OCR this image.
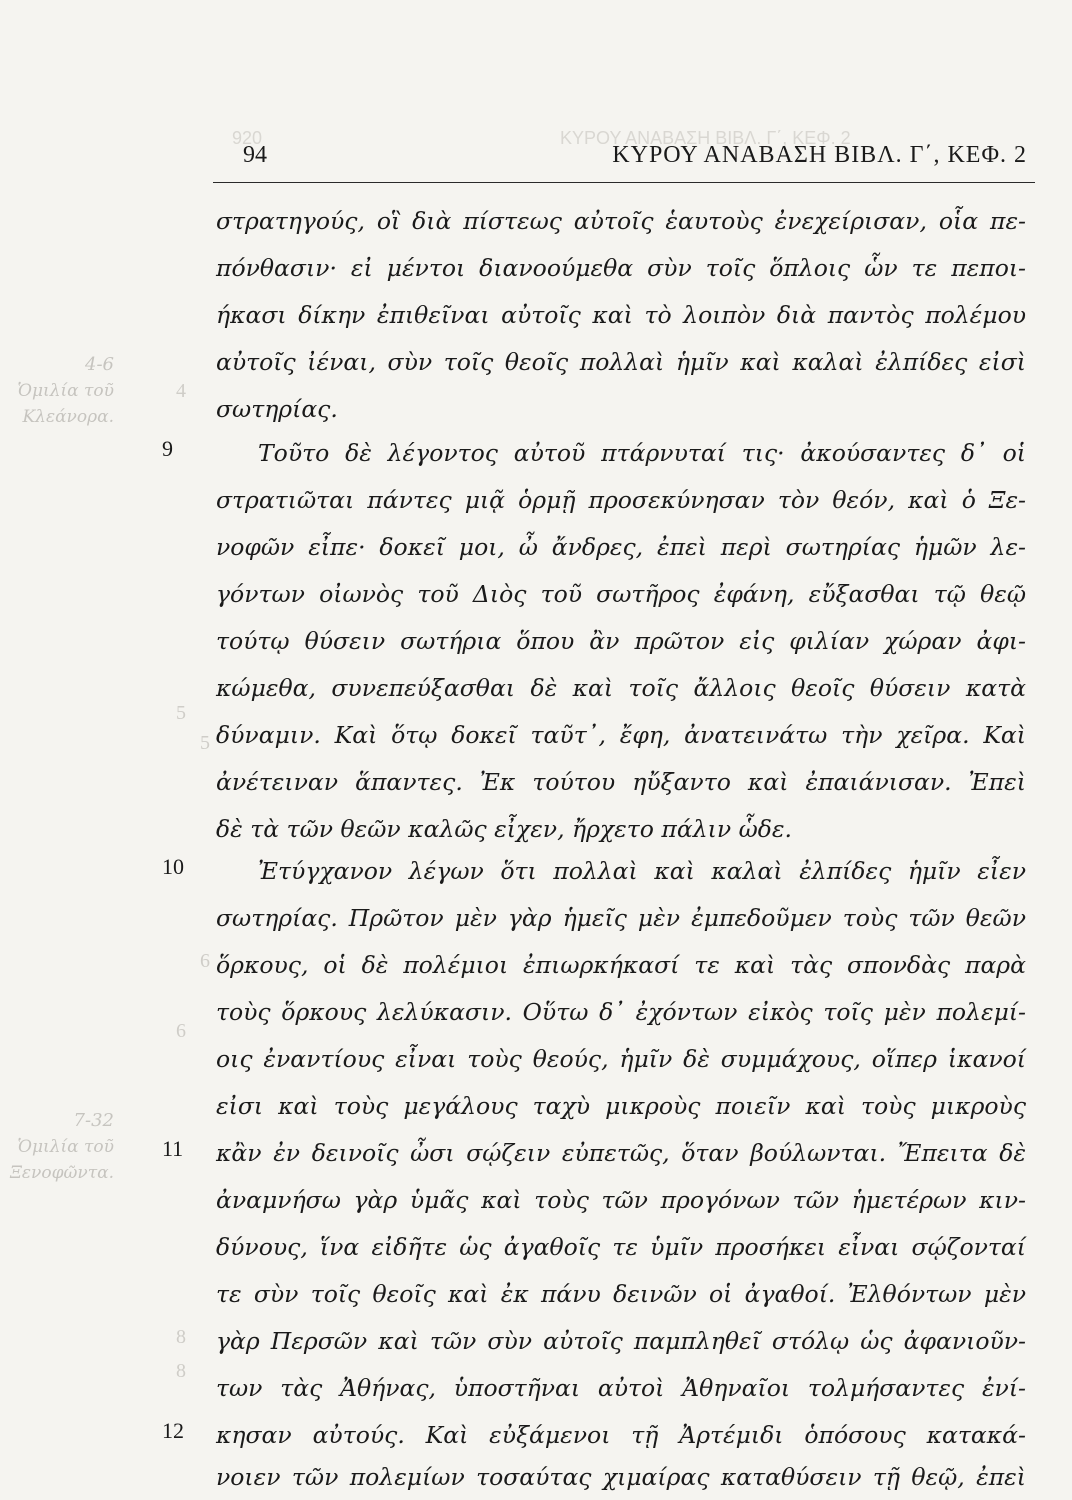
920	ΚΥΡΟΥ ΑΝΑΒΑΣΗ ΒΙΒΛ. Γ΄, ΚΕΦ. 2
4
5
5
6
6
8
8
4-6
Ὁμιλία τοῦ Κλεάνορα.
7-32
Ὁμιλία τοῦ Ξενοφῶντα.
94	ΚΥΡΟΥ ΑΝΑΒΑΣΗ ΒΙΒΛ. Γ΄, ΚΕΦ. 2
9
10
11
12
στρατηγούς, οἳ διὰ πίστεως αὐτοῖς ἑαυτοὺς ἐνεχείρισαν, οἷα πε-
πόνθασιν· εἰ μέντοι διανοούμεθα σὺν τοῖς ὅπλοις ὧν τε πεποι-
ήκασι δίκην ἐπιθεῖναι αὐτοῖς καὶ τὸ λοιπὸν διὰ παντὸς πολέμου
αὐτοῖς ἰέναι, σὺν τοῖς θεοῖς πολλαὶ ἡμῖν καὶ καλαὶ ἐλπίδες εἰσὶ
σωτηρίας.
Τοῦτο δὲ λέγοντος αὐτοῦ πτάρνυταί τις· ἀκούσαντες δ᾽ οἱ
στρατιῶται πάντες μιᾷ ὁρμῇ προσεκύνησαν τὸν θεόν, καὶ ὁ Ξε-
νοφῶν εἶπε· δοκεῖ μοι, ὦ ἄνδρες, ἐπεὶ περὶ σωτηρίας ἡμῶν λε-
γόντων οἰωνὸς τοῦ Διὸς τοῦ σωτῆρος ἐφάνη, εὔξασθαι τῷ θεῷ
τούτῳ θύσειν σωτήρια ὅπου ἂν πρῶτον εἰς φιλίαν χώραν ἀφι-
κώμεθα, συνεπεύξασθαι δὲ καὶ τοῖς ἄλλοις θεοῖς θύσειν κατὰ
δύναμιν. Καὶ ὅτῳ δοκεῖ ταῦτ᾽, ἔφη, ἀνατεινάτω τὴν χεῖρα. Καὶ
ἀνέτειναν ἅπαντες. Ἐκ τούτου ηὔξαντο καὶ ἐπαιάνισαν. Ἐπεὶ
δὲ τὰ τῶν θεῶν καλῶς εἶχεν, ἤρχετο πάλιν ὧδε.
Ἐτύγχανον λέγων ὅτι πολλαὶ καὶ καλαὶ ἐλπίδες ἡμῖν εἶεν
σωτηρίας. Πρῶτον μὲν γὰρ ἡμεῖς μὲν ἐμπεδοῦμεν τοὺς τῶν θεῶν
ὅρκους, οἱ δὲ πολέμιοι ἐπιωρκήκασί τε καὶ τὰς σπονδὰς παρὰ
τοὺς ὅρκους λελύκασιν. Οὕτω δ᾽ ἐχόντων εἰκὸς τοῖς μὲν πολεμί-
οις ἐναντίους εἶναι τοὺς θεούς, ἡμῖν δὲ συμμάχους, οἵπερ ἱκανοί
εἰσι καὶ τοὺς μεγάλους ταχὺ μικροὺς ποιεῖν καὶ τοὺς μικροὺς
κἂν ἐν δεινοῖς ὦσι σῴζειν εὐπετῶς, ὅταν βούλωνται. Ἔπειτα δὲ
ἀναμνήσω γὰρ ὑμᾶς καὶ τοὺς τῶν προγόνων τῶν ἡμετέρων κιν-
δύνους, ἵνα εἰδῆτε ὡς ἀγαθοῖς τε ὑμῖν προσήκει εἶναι σῴζονταί
τε σὺν τοῖς θεοῖς καὶ ἐκ πάνυ δεινῶν οἱ ἀγαθοί. Ἐλθόντων μὲν
γὰρ Περσῶν καὶ τῶν σὺν αὐτοῖς παμπληθεῖ στόλῳ ὡς ἀφανιοῦν-
των τὰς Ἀθήνας, ὑποστῆναι αὐτοὶ Ἀθηναῖοι τολμήσαντες ἐνί-
κησαν αὐτούς. Καὶ εὐξάμενοι τῇ Ἀρτέμιδι ὁπόσους κατακά-
νοιεν τῶν πολεμίων τοσαύτας χιμαίρας καταθύσειν τῇ θεῷ, ἐπεὶ
